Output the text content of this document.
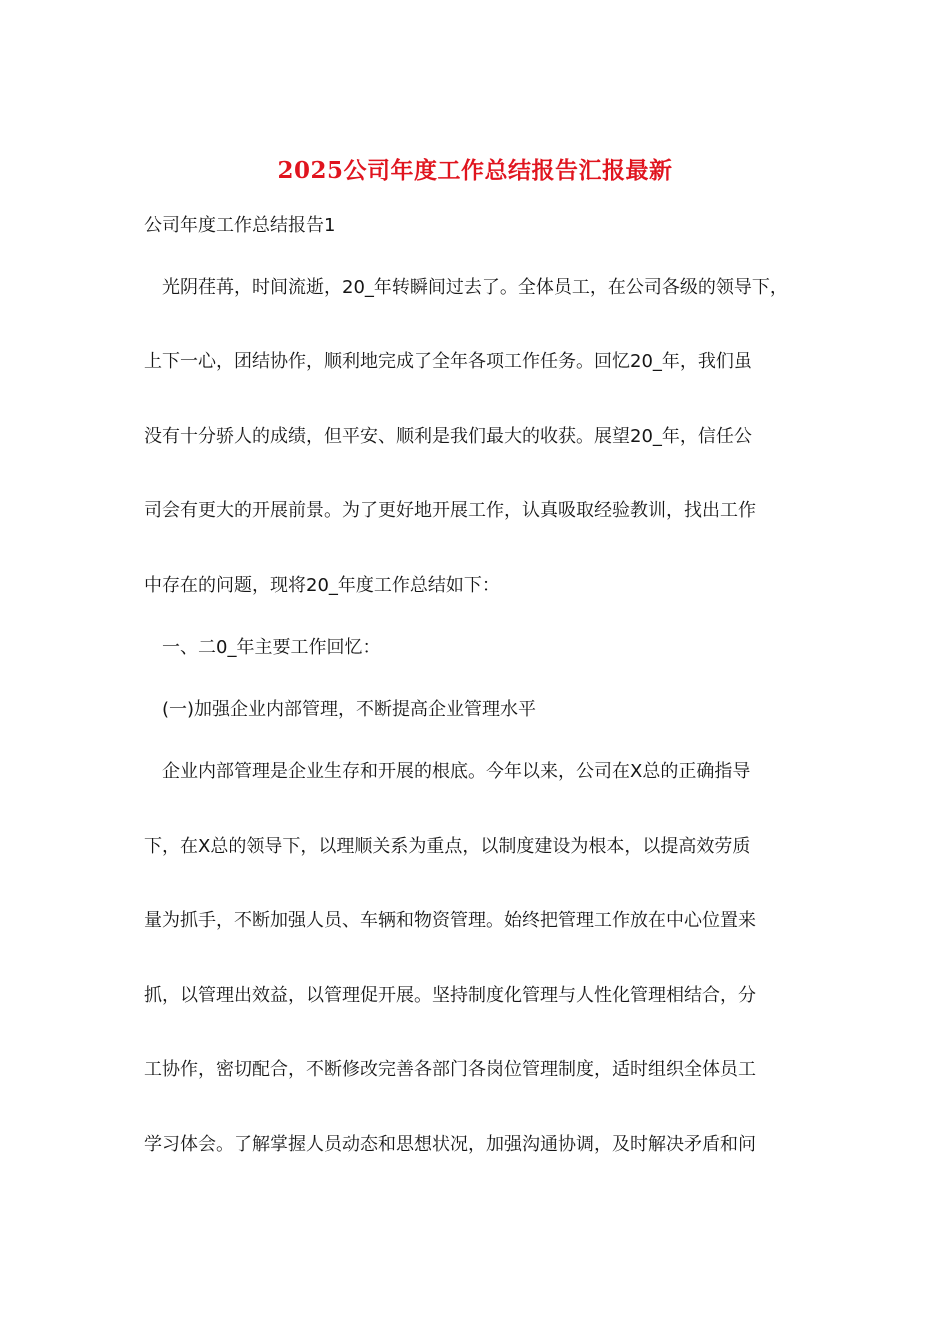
2025公司年度工作总结报告汇报最新
公司年度工作总结报告1
光阴荏苒，时间流逝，20_年转瞬间过去了。全体员工，在公司各级的领导下，
上下一心，团结协作，顺利地完成了全年各项工作任务。回忆20_年，我们虽
没有十分骄人的成绩，但平安、顺利是我们最大的收获。展望20_年，信任公
司会有更大的开展前景。为了更好地开展工作，认真吸取经验教训，找出工作
中存在的问题，现将20_年度工作总结如下：
一、二0_年主要工作回忆：
(一)加强企业内部管理，不断提高企业管理水平
企业内部管理是企业生存和开展的根底。今年以来，公司在X总的正确指导
下，在X总的领导下，以理顺关系为重点，以制度建设为根本，以提高效劳质
量为抓手，不断加强人员、车辆和物资管理。始终把管理工作放在中心位置来
抓，以管理出效益，以管理促开展。坚持制度化管理与人性化管理相结合，分
工协作，密切配合，不断修改完善各部门各岗位管理制度，适时组织全体员工
学习体会。了解掌握人员动态和思想状况，加强沟通协调，及时解决矛盾和问
